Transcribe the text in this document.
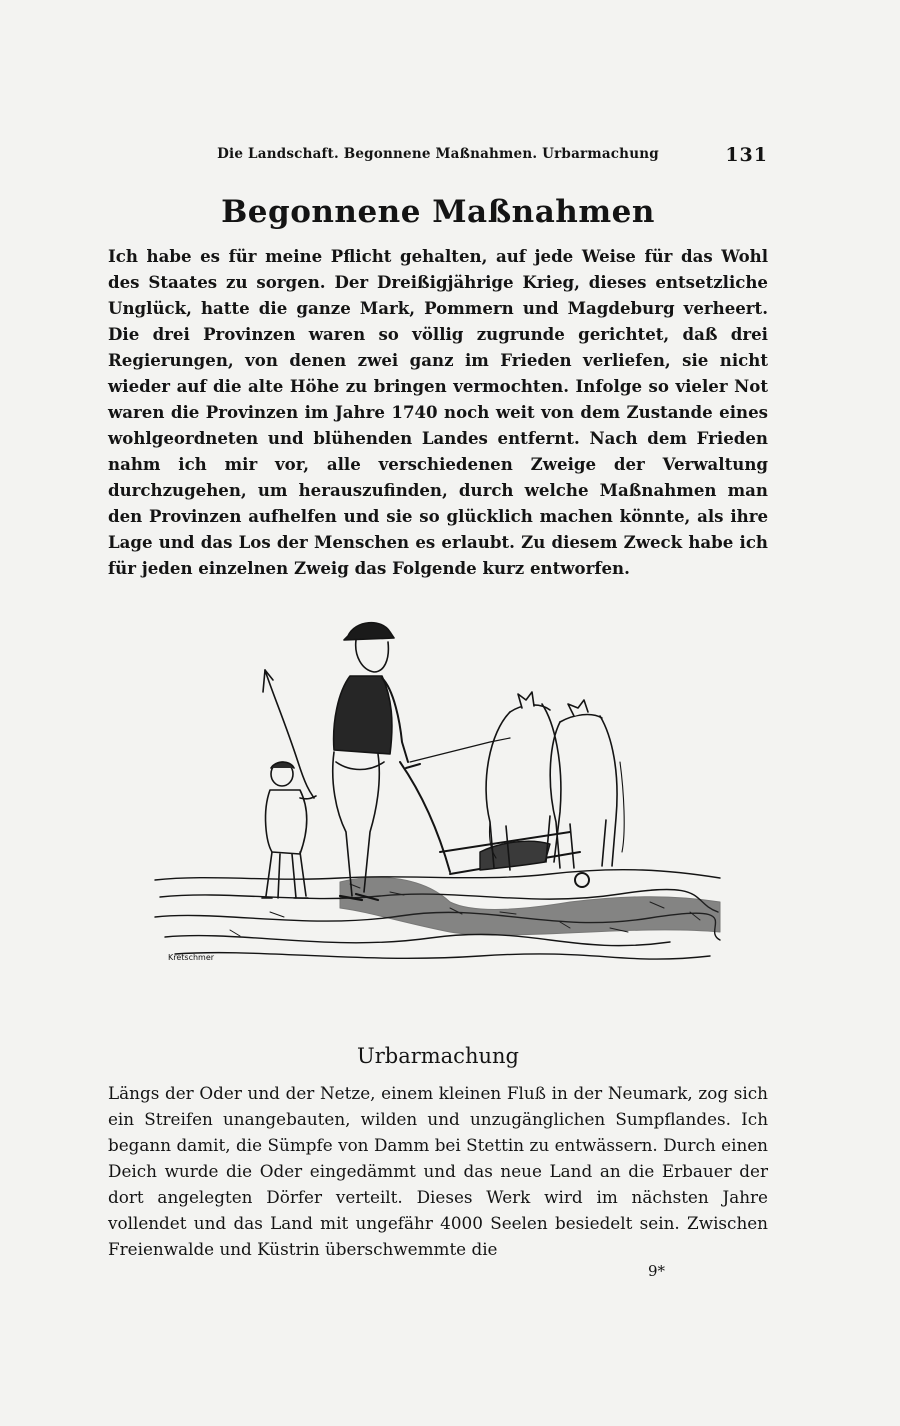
Die Landschaft. Begonnene Maßnahmen. Urbarmachung	131
Begonnene Maßnahmen

Ich habe es für meine Pflicht gehalten, auf jede Weise für das Wohl des Staates zu sorgen. Der Dreißigjährige Krieg, dieses entsetzliche Unglück, hatte die ganze Mark, Pommern und Magdeburg verheert. Die drei Provinzen waren so völlig zugrunde gerichtet, daß drei Regierungen, von denen zwei ganz im Frieden verliefen, sie nicht wieder auf die alte Höhe zu bringen vermochten. Infolge so vieler Not waren die Provinzen im Jahre 1740 noch weit von dem Zustande eines wohlgeordneten und blühenden Landes entfernt. Nach dem Frieden nahm ich mir vor, alle verschiedenen Zweige der Verwaltung durchzugehen, um herauszufinden, durch welche Maßnahmen man den Provinzen aufhelfen und sie so glücklich machen könnte, als ihre Lage und das Los der Menschen es erlaubt. Zu diesem Zweck habe ich für jeden einzelnen Zweig das Folgende kurz entworfen.

Kretschmer
Urbarmachung

Längs der Oder und der Netze, einem kleinen Fluß in der Neumark, zog sich ein Streifen unangebauten, wilden und unzugänglichen Sumpflandes. Ich begann damit, die Sümpfe von Damm bei Stettin zu entwässern. Durch einen Deich wurde die Oder eingedämmt und das neue Land an die Erbauer der dort angelegten Dörfer verteilt. Dieses Werk wird im nächsten Jahre vollendet und das Land mit ungefähr 4000 Seelen besiedelt sein. Zwischen Freienwalde und Küstrin überschwemmte die

9*
